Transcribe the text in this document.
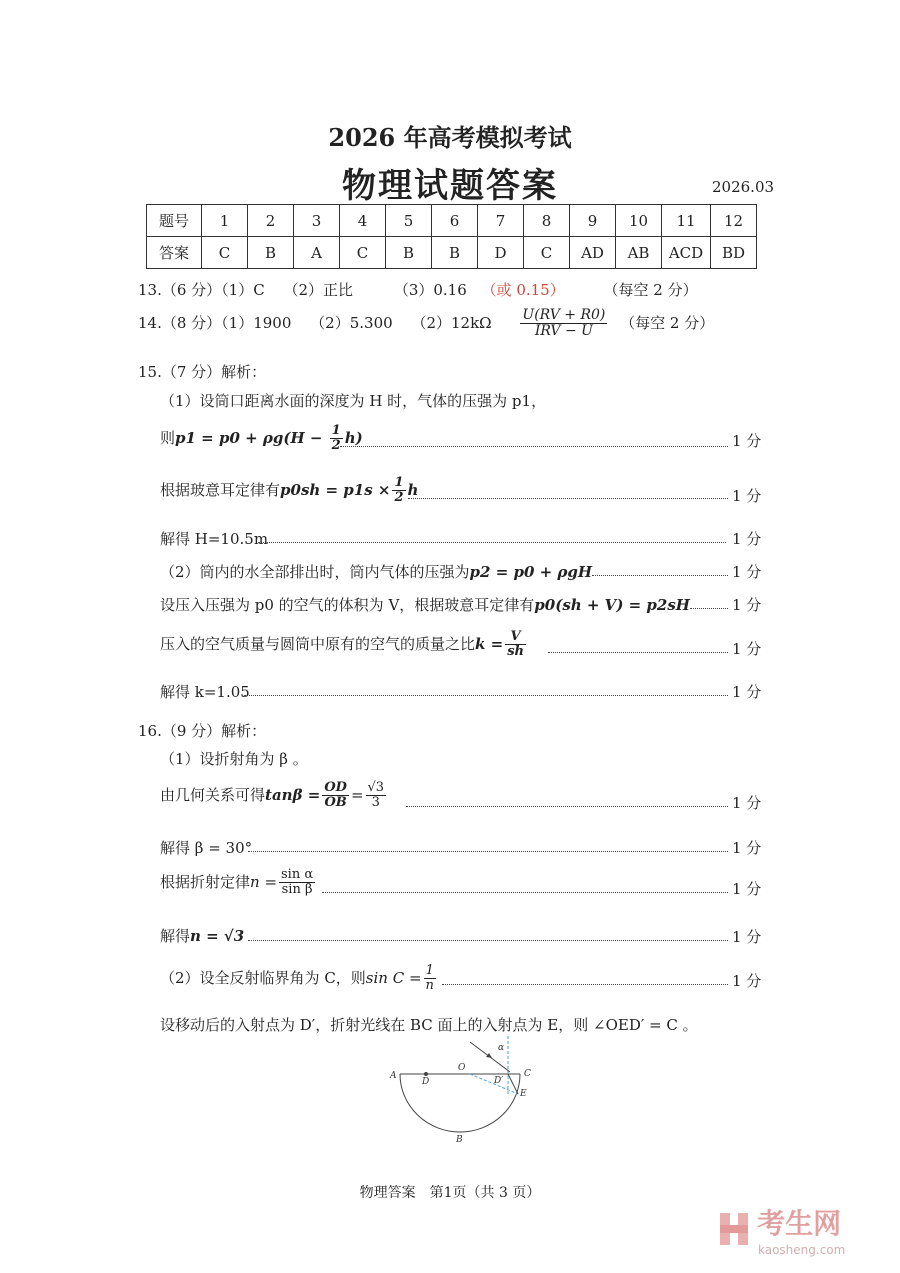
2026 年高考模拟考试
物理试题答案	2026.03
题号	1	2	3	4	5	6	7	8	9	10	11	12
答案	C	B	A	C	B	B	D	C	AD	AB	ACD	BD
13.（6 分）（1）C （2）正比	（3）0.16 （或 0.15）	（每空 2 分）
14.（8 分）（1）1900 （2）5.300 $(2)12k\Omega \frac{U(RV + R0)}{\text{IRV − U}}$ （每空 2 分）
15.（7 分）解析：
（1）设筒口距离水面的深度为 H 时，气体的压强为 p1，
则$p1 = p0 + \rho g(H - \frac{1}{2} h)$	1 分
根据玻意耳定律有$p0sh = p1s \times \frac{1}{2}$ h	1 分
解得 H=10.5m	1 分
（2）筒内的水全部排出时，筒内气体的压强为p2 = p0 + ρgH	1 分
设压入压强为 p0 的空气的体积为 V，根据玻意耳定律有p0(sh + V) = p2sH	1 分
压入的空气质量与圆筒中原有的空气的质量之比$k = \frac{V}{sh}$	1 分
解得 k=1.05	1 分
16.（9 分）解析：
（1）设折射角为 β 。
由几何关系可得$\tan\beta = \frac{OD}{OB} = \frac{√3}{3}$	1 分
解得 β = 30°	1 分
根据折射定律$n = \frac{\text{sin α}}{\text{sin β}}$	1 分
解得n = √3	1 分
（2）设全反射临界角为 C，则$\sin C = \frac{1}{n}$	1 分
设移动后的入射点为 D′，折射光线在 BC 面上的入射点为 E，则 ∠OED′ = C 。
A
D
O
D′
C
E
B
α
物理答案　第1页（共 3 页）
考生网
kaosheng.com
